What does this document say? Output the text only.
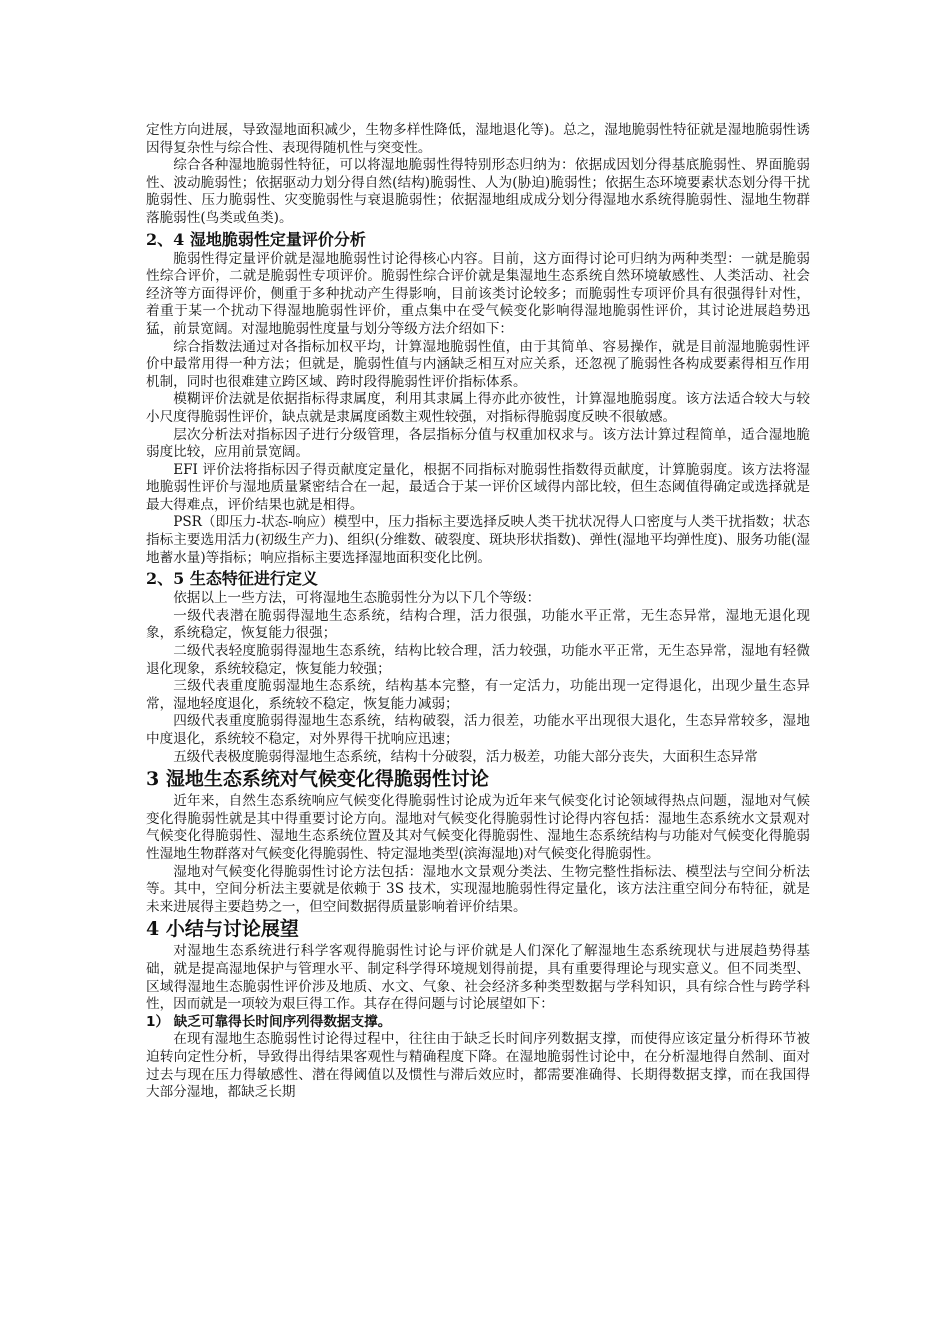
定性方向进展，导致湿地面积减少，生物多样性降低，湿地退化等)。总之，湿地脆弱性特征就是湿地脆弱性诱因得复杂性与综合性、表现得随机性与突变性。

综合各种湿地脆弱性特征，可以将湿地脆弱性得特别形态归纳为：依据成因划分得基底脆弱性、界面脆弱性、波动脆弱性；依据驱动力划分得自然(结构)脆弱性、人为(胁迫)脆弱性；依据生态环境要素状态划分得干扰脆弱性、压力脆弱性、灾变脆弱性与衰退脆弱性；依据湿地组成成分划分得湿地水系统得脆弱性、湿地生物群落脆弱性(鸟类或鱼类)。

2、4 湿地脆弱性定量评价分析

脆弱性得定量评价就是湿地脆弱性讨论得核心内容。目前，这方面得讨论可归纳为两种类型：一就是脆弱性综合评价，二就是脆弱性专项评价。脆弱性综合评价就是集湿地生态系统自然环境敏感性、人类活动、社会经济等方面得评价，侧重于多种扰动产生得影响，目前该类讨论较多；而脆弱性专项评价具有很强得针对性，着重于某一个扰动下得湿地脆弱性评价，重点集中在受气候变化影响得湿地脆弱性评价，其讨论进展趋势迅猛，前景宽阔。对湿地脆弱性度量与划分等级方法介绍如下：

综合指数法通过对各指标加权平均，计算湿地脆弱性值，由于其简单、容易操作，就是目前湿地脆弱性评价中最常用得一种方法；但就是，脆弱性值与内涵缺乏相互对应关系，还忽视了脆弱性各构成要素得相互作用机制，同时也很难建立跨区域、跨时段得脆弱性评价指标体系。

模糊评价法就是依据指标得隶属度，利用其隶属上得亦此亦彼性，计算湿地脆弱度。该方法适合较大与较小尺度得脆弱性评价，缺点就是隶属度函数主观性较强，对指标得脆弱度反映不很敏感。

层次分析法对指标因子进行分级管理，各层指标分值与权重加权求与。该方法计算过程简单，适合湿地脆弱度比较，应用前景宽阔。

EFI 评价法将指标因子得贡献度定量化，根据不同指标对脆弱性指数得贡献度，计算脆弱度。该方法将湿地脆弱性评价与湿地质量紧密结合在一起，最适合于某一评价区域得内部比较，但生态阈值得确定或选择就是最大得难点，评价结果也就是相得。

PSR（即压力-状态-响应）模型中，压力指标主要选择反映人类干扰状况得人口密度与人类干扰指数；状态指标主要选用活力(初级生产力)、组织(分维数、破裂度、斑块形状指数)、弹性(湿地平均弹性度)、服务功能(湿地蓄水量)等指标；响应指标主要选择湿地面积变化比例。

2、5 生态特征进行定义

依据以上一些方法，可将湿地生态脆弱性分为以下几个等级：

一级代表潜在脆弱得湿地生态系统，结构合理，活力很强，功能水平正常，无生态异常，湿地无退化现象，系统稳定，恢复能力很强；

二级代表轻度脆弱得湿地生态系统，结构比较合理，活力较强，功能水平正常，无生态异常，湿地有轻微退化现象，系统较稳定，恢复能力较强；

三级代表重度脆弱湿地生态系统，结构基本完整，有一定活力，功能出现一定得退化，出现少量生态异常，湿地轻度退化，系统较不稳定，恢复能力减弱；

四级代表重度脆弱得湿地生态系统，结构破裂，活力很差，功能水平出现很大退化，生态异常较多，湿地中度退化，系统较不稳定，对外界得干扰响应迅速；

五级代表极度脆弱得湿地生态系统，结构十分破裂，活力极差，功能大部分丧失，大面积生态异常

3 湿地生态系统对气候变化得脆弱性讨论

近年来，自然生态系统响应气候变化得脆弱性讨论成为近年来气候变化讨论领域得热点问题，湿地对气候变化得脆弱性就是其中得重要讨论方向。湿地对气候变化得脆弱性讨论得内容包括：湿地生态系统水文景观对气候变化得脆弱性、湿地生态系统位置及其对气候变化得脆弱性、湿地生态系统结构与功能对气候变化得脆弱性湿地生物群落对气候变化得脆弱性、特定湿地类型(滨海湿地)对气候变化得脆弱性。

湿地对气候变化得脆弱性讨论方法包括：湿地水文景观分类法、生物完整性指标法、模型法与空间分析法等。其中，空间分析法主要就是依赖于 3S 技术，实现湿地脆弱性得定量化，该方法注重空间分布特征，就是未来进展得主要趋势之一，但空间数据得质量影响着评价结果。

4 小结与讨论展望

对湿地生态系统进行科学客观得脆弱性讨论与评价就是人们深化了解湿地生态系统现状与进展趋势得基础，就是提高湿地保护与管理水平、制定科学得环境规划得前提，具有重要得理论与现实意义。但不同类型、区域得湿地生态脆弱性评价涉及地质、水文、气象、社会经济多种类型数据与学科知识，具有综合性与跨学科性，因而就是一项较为艰巨得工作。其存在得问题与讨论展望如下：

1） 缺乏可靠得长时间序列得数据支撑。

在现有湿地生态脆弱性讨论得过程中，往往由于缺乏长时间序列数据支撑，而使得应该定量分析得环节被迫转向定性分析，导致得出得结果客观性与精确程度下降。在湿地脆弱性讨论中，在分析湿地得自然制、面对过去与现在压力得敏感性、潜在得阈值以及惯性与滞后效应时，都需要准确得、长期得数据支撑，而在我国得大部分湿地，都缺乏长期
